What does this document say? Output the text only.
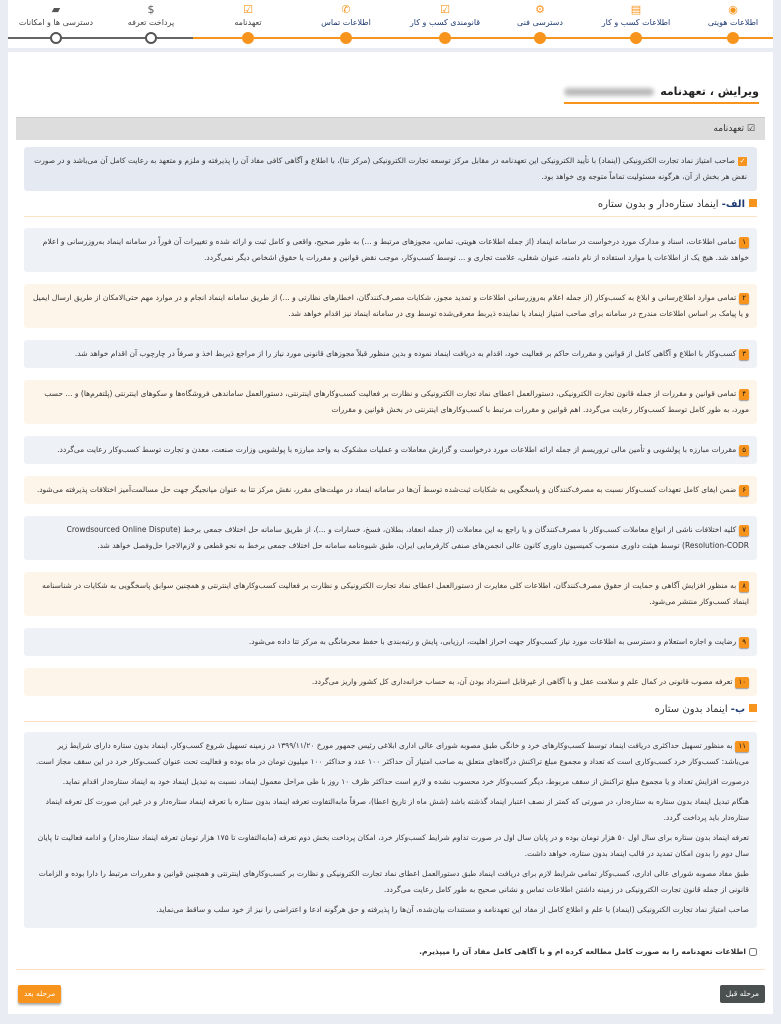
◉
اطلاعات هویتی
▤
اطلاعات کسب و کار
⚙
دسترسی فنی
☑
قانومندی کسب و کار
✆
اطلاعات تماس
☑
تعهدنامه
$
پرداخت تعرفه
▰
دسترسی ها و امکانات
ویرایش ، تعهدنامه
☑ تعهدنامه
✓صاحب امتیاز نماد تجارت الکترونیکی (اینماد) با تأیید الکترونیکی این تعهدنامه در مقابل مرکز توسعه تجارت الکترونیکی (مرکز تتا)، با اطلاع و آگاهی کافی مفاد آن را پذیرفته و ملزم و متعهد به رعایت کامل آن می‌باشد و در صورت نقض هر بخش از آن، هرگونه مسئولیت تماماً متوجه وی خواهد بود.
الف- اینماد ستاره‌دار و بدون ستاره
۱تمامی اطلاعات، اسناد و مدارک مورد درخواست در سامانه اینماد (از جمله اطلاعات هویتی، تماس، مجوزهای مرتبط و ...) به طور صحیح، واقعی و کامل ثبت و ارائه شده و تغییرات آن فوراً در سامانه اینماد به‌روزرسانی و اعلام خواهد شد. هیچ یک از اطلاعات یا موارد استفاده از نام دامنه، عنوان شغلی، علامت تجاری و ... توسط کسب‌وکار، موجب نقض قوانین و مقررات یا حقوق اشخاص دیگر نمی‌گردد.
۲تمامی موارد اطلاع‌رسانی و ابلاغ به کسب‌وکار (از جمله اعلام به‌روزرسانی اطلاعات و تمدید مجوز، شکایات مصرف‌کنندگان، اخطارهای نظارتی و ...) از طریق سامانه اینماد انجام و در موارد مهم حتی‌الامکان از طریق ارسال ایمیل و یا پیامک بر اساس اطلاعات مندرج در سامانه برای صاحب امتیاز اینماد یا نماینده ذیربط معرفی‌شده توسط وی در سامانه اینماد نیز اقدام خواهد شد.
۳کسب‌وکار با اطلاع و آگاهی کامل از قوانین و مقررات حاکم بر فعالیت خود، اقدام به دریافت اینماد نموده و بدین منظور قبلاً مجوزهای قانونی مورد نیاز را از مراجع ذیربط اخذ و صرفاً در چارچوب آن اقدام خواهد شد.
۴تمامی قوانین و مقررات از جمله قانون تجارت الکترونیکی، دستورالعمل اعطای نماد تجارت الکترونیکی و نظارت بر فعالیت کسب‌وکارهای اینترنتی، دستورالعمل ساماندهی فروشگاه‌ها و سکوهای اینترنتی (پلتفرم‌ها) و ... حسب مورد، به طور کامل توسط کسب‌وکار رعایت می‌گردد. اهم قوانین و مقررات مرتبط با کسب‌وکارهای اینترنتی در بخش قوانین و مقررات
۵مقررات مبارزه با پولشویی و تأمین مالی تروریسم از جمله ارائه اطلاعات مورد درخواست و گزارش معاملات و عملیات مشکوک به واحد مبارزه با پولشویی وزارت صنعت، معدن و تجارت توسط کسب‌وکار رعایت می‌گردد.
۶ضمن ایفای کامل تعهدات کسب‌وکار نسبت به مصرف‌کنندگان و پاسخگویی به شکایات ثبت‌شده توسط آن‌ها در سامانه اینماد در مهلت‌های مقرر، نقش مرکز تتا به عنوان میانجیگر جهت حل مسالمت‌آمیز اختلافات پذیرفته می‌شود.
۷کلیه اختلافات ناشی از انواع معاملات کسب‌وکار با مصرف‌کنندگان و یا راجع به این معاملات (از جمله انعقاد، بطلان، فسخ، خسارات و ...)، از طریق سامانه حل اختلاف جمعی برخط (Crowdsourced Online Dispute Resolution-CODR) توسط هیئت داوری منصوب کمیسیون داوری کانون عالی انجمن‌های صنفی کارفرمایی ایران، طبق شیوه‌نامه سامانه حل اختلاف جمعی برخط به نحو قطعی و لازم‌الاجرا حل‌وفصل خواهد شد.
۸به منظور افزایش آگاهی و حمایت از حقوق مصرف‌کنندگان، اطلاعات کلی مغایرت از دستورالعمل اعطای نماد تجارت الکترونیکی و نظارت بر فعالیت کسب‌وکارهای اینترنتی و همچنین سوابق پاسخگویی به شکایات در شناسنامه اینماد کسب‌وکار منتشر می‌شود.
۹رضایت و اجازه استعلام و دسترسی به اطلاعات مورد نیاز کسب‌وکار جهت احراز اهلیت، ارزیابی، پایش و رتبه‌بندی با حفظ محرمانگی به مرکز تتا داده می‌شود.
۱۰تعرفه مصوب قانونی در کمال علم و سلامت عقل و با آگاهی از غیرقابل استرداد بودن آن، به حساب خزانه‌داری کل کشور واریز می‌گردد.
ب- اینماد بدون ستاره

۱۱به منظور تسهیل حداکثری دریافت اینماد توسط کسب‌وکارهای خرد و خانگی طبق مصوبه شورای عالی اداری ابلاغی رئیس جمهور مورخ ۱۳۹۹/۱۱/۲۰ در زمینه تسهیل شروع کسب‌وکار، اینماد بدون ستاره دارای شرایط زیر می‌باشد: کسب‌وکار خرد کسب‌وکاری است که تعداد و مجموع مبلغ تراکنش درگاه‌های متعلق به صاحب امتیاز آن حداکثر ۱۰۰ عدد و حداکثر ۱۰۰ میلیون تومان در ماه بوده و فعالیت تحت عنوان کسب‌وکار خرد در این سقف مجاز است.

درصورت افزایش تعداد و یا مجموع مبلغ تراکنش از سقف مربوط، دیگر کسب‌وکار خرد محسوب نشده و لازم است حداکثر ظرف ۱۰ روز با طی مراحل معمول اینماد، نسبت به تبدیل اینماد خود به اینماد ستاره‌دار اقدام نماید.

هنگام تبدیل اینماد بدون ستاره به ستاره‌دار، در صورتی که کمتر از نصف اعتبار اینماد گذشته باشد (شش ماه از تاریخ اعطا)، صرفاً مابه‌التفاوت تعرفه اینماد بدون ستاره با تعرفه اینماد ستاره‌دار و در غیر این صورت کل تعرفه اینماد ستاره‌دار باید پرداخت گردد.

تعرفه اینماد بدون ستاره برای سال اول ۵۰ هزار تومان بوده و در پایان سال اول در صورت تداوم شرایط کسب‌وکار خرد، امکان پرداخت بخش دوم تعرفه (مابه‌التفاوت تا ۱۷۵ هزار تومان تعرفه اینماد ستاره‌دار) و ادامه فعالیت تا پایان سال دوم را بدون امکان تمدید در قالب اینماد بدون ستاره، خواهد داشت.

طبق مفاد مصوبه شورای عالی اداری، کسب‌وکار تمامی شرایط لازم برای دریافت اینماد طبق دستورالعمل اعطای نماد تجارت الکترونیکی و نظارت بر کسب‌وکارهای اینترنتی و همچنین قوانین و مقررات مرتبط را دارا بوده و الزامات قانونی از جمله قانون تجارت الکترونیکی در زمینه داشتن اطلاعات تماس و نشانی صحیح به طور کامل رعایت می‌گردد.

صاحب امتیاز نماد تجارت الکترونیکی (اینماد) با علم و اطلاع کامل از مفاد این تعهدنامه و مستندات بیان‌شده، آن‌ها را پذیرفته و حق هرگونه ادعا و اعتراضی را نیز از خود سلب و ساقط می‌نماید.

اطلاعات تعهدنامه را به صورت کامل مطالعه کرده ام و با آگاهی کامل مفاد آن را میپذیرم.
مرحله بعد	مرحله قبل
